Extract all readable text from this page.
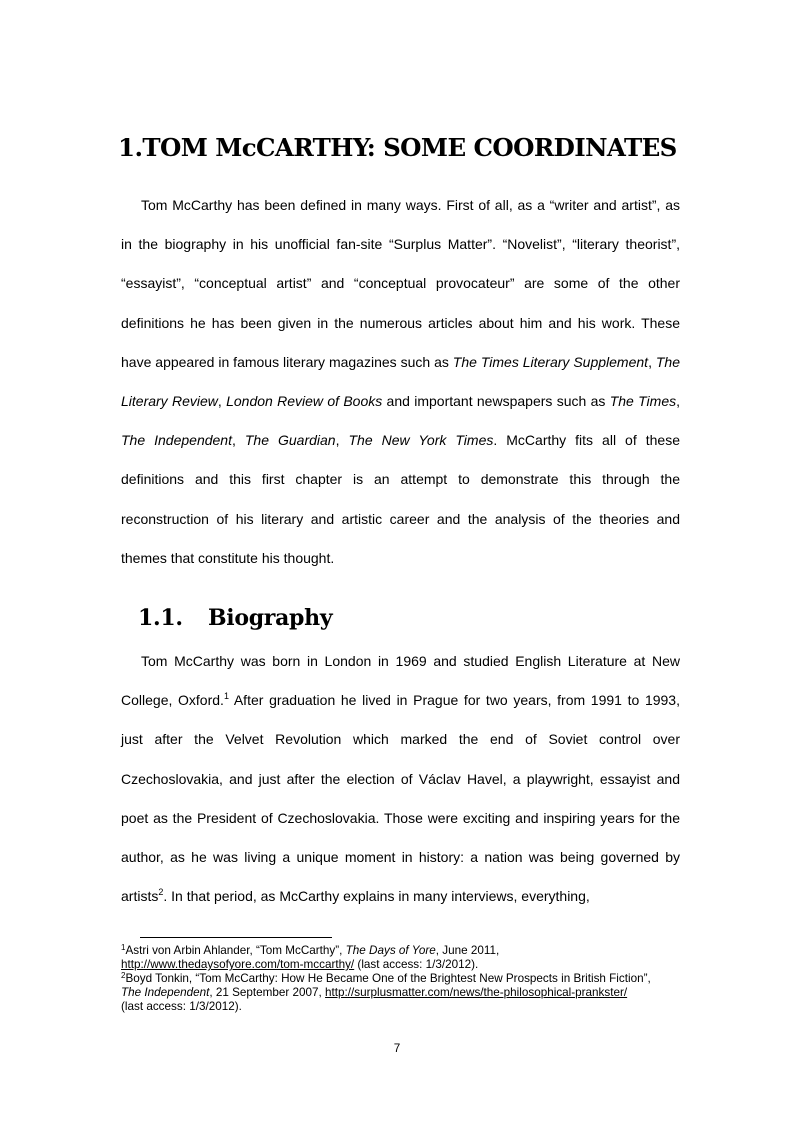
1.TOM McCARTHY: SOME COORDINATES

Tom McCarthy has been defined in many ways. First of all, as a “writer and artist”, as in the biography in his unofficial fan-site “Surplus Matter”. “Novelist”, “literary theorist”, “essayist”, “conceptual artist” and “conceptual provocateur” are some of the other definitions he has been given in the numerous articles about him and his work. These have appeared in famous literary magazines such as The Times Literary Supplement, The Literary Review, London Review of Books and important newspapers such as The Times, The Independent, The Guardian, The New York Times. McCarthy fits all of these definitions and this first chapter is an attempt to demonstrate this through the reconstruction of his literary and artistic career and the analysis of the theories and themes that constitute his thought.

1.1. Biography

Tom McCarthy was born in London in 1969 and studied English Literature at New College, Oxford.$^1$ After graduation he lived in Prague for two years, from 1991 to 1993, just after the Velvet Revolution which marked the end of Soviet control over Czechoslovakia, and just after the election of Václav Havel, a playwright, essayist and poet as the President of Czechoslovakia. Those were exciting and inspiring years for the author, as he was living a unique moment in history: a nation was being governed by artists$^2$. In that period, as McCarthy explains in many interviews, everything,

$^1$Astri von Arbin Ahlander, “Tom McCarthy”, The Days of Yore, June 2011,
http://www.thedaysofyore.com/tom-mccarthy/ (last access: 1/3/2012).

$^2$Boyd Tonkin, “Tom McCarthy: How He Became One of the Brightest New Prospects in British Fiction”,
The Independent, 21 September 2007, http://surplusmatter.com/news/the-philosophical-prankster/
(last access: 1/3/2012).

7
